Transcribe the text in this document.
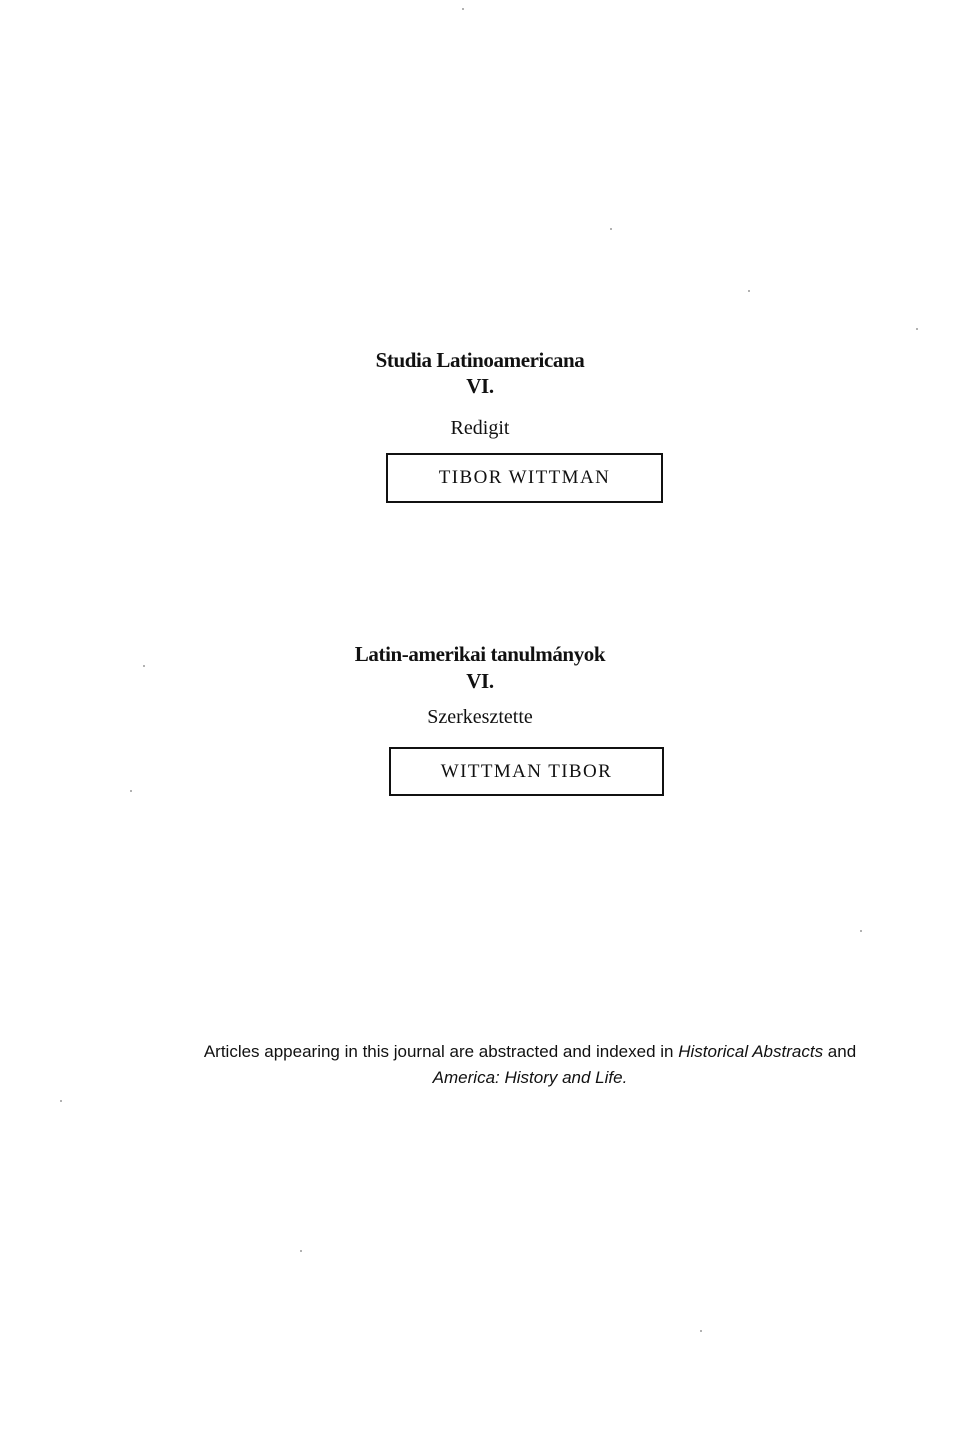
Studia Latinoamericana
VI.
Redigit
TIBOR WITTMAN
Latin-amerikai tanulmányok
VI.
Szerkesztette
WITTMAN TIBOR
Articles appearing in this journal are abstracted and indexed in Historical Abstracts and
America: History and Life.
